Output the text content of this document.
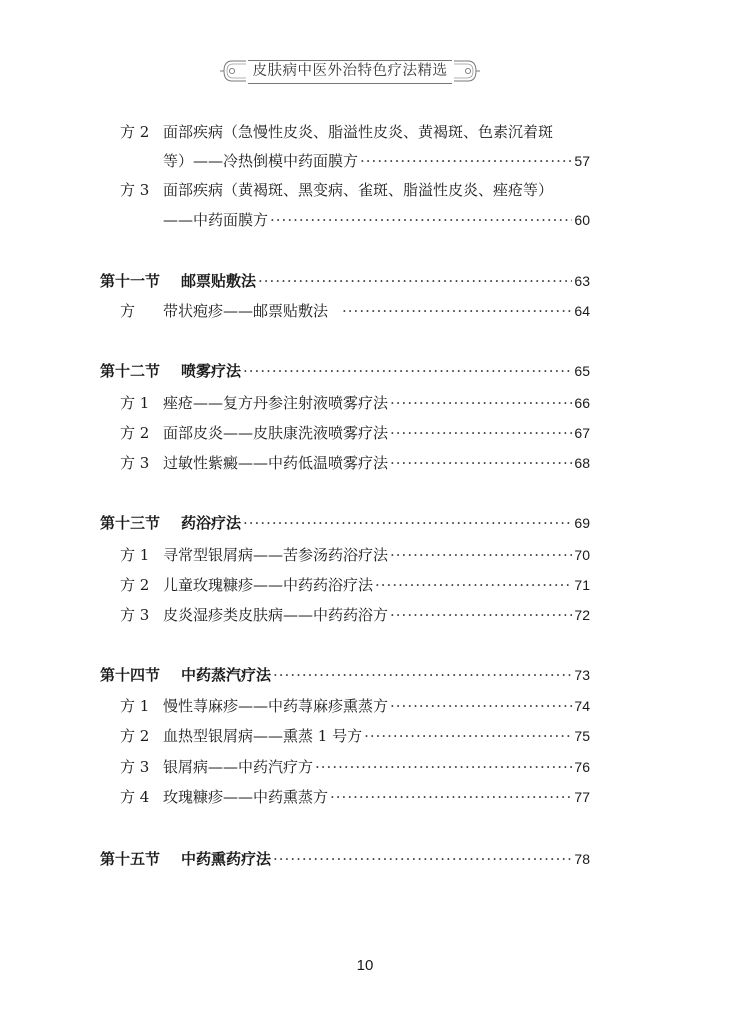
皮肤病中医外治特色疗法精选
方 2 面部疾病（急慢性皮炎、脂溢性皮炎、黄褐斑、色素沉着斑
等）——冷热倒模中药面膜方 ·····	57
方 3 面部疾病（黄褐斑、黑变病、雀斑、脂溢性皮炎、痤疮等）
——中药面膜方 ·····	60
第十一节	邮票贴敷法 ·····	63
方	带状疱疹——邮票贴敷法 ·····	64
第十二节	喷雾疗法 ·····	65
方 1 痤疮——复方丹参注射液喷雾疗法 ·····	66
方 2 面部皮炎——皮肤康洗液喷雾疗法 ·····	67
方 3 过敏性紫癜——中药低温喷雾疗法 ·····	68
第十三节	药浴疗法 ·····	69
方 1 寻常型银屑病——苦参汤药浴疗法 ·····	70
方 2 儿童玫瑰糠疹——中药药浴疗法 ·····	71
方 3 皮炎湿疹类皮肤病——中药药浴方 ·····	72
第十四节	中药蒸汽疗法 ·····	73
方 1 慢性荨麻疹——中药荨麻疹熏蒸方 ·····	74
方 2 血热型银屑病——熏蒸 1 号方 ·····	75
方 3 银屑病——中药汽疗方 ·····	76
方 4 玫瑰糠疹——中药熏蒸方 ·····	77
第十五节	中药熏药疗法 ·····	78
10
